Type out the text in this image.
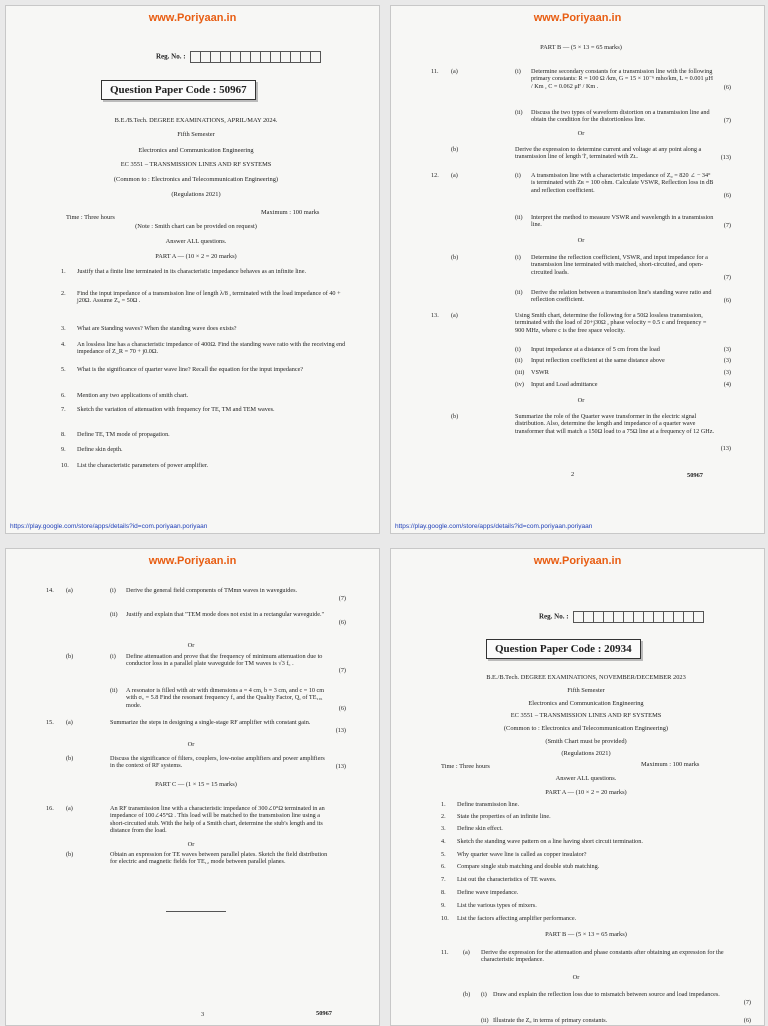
www.Poriyaan.in
Reg. No. :
Question Paper Code : 50967
B.E./B.Tech. DEGREE EXAMINATIONS, APRIL/MAY 2024.
Fifth Semester
Electronics and Communication Engineering
EC 3551 – TRANSMISSION LINES AND RF SYSTEMS
(Common to : Electronics and Telecommunication Engineering)
(Regulations 2021)
Time : Three hours
Maximum : 100 marks
(Note : Smith chart can be provided on request)
Answer ALL questions.
PART A — (10 × 2 = 20 marks)
1. Justify that a finite line terminated in its characteristic impedance behaves as an infinite line.
2. Find the input impedance of a transmission line of length λ/8 , terminated with the load impedance of 40 + j20Ω. Assume Z₀ = 50Ω .
3. What are Standing waves? When the standing wave does exists?
4. An lossless line has a characteristic impedance of 400Ω. Find the standing wave ratio with the receiving end impedance of Z_R = 70 + j0.0Ω.
5. What is the significance of quarter wave line? Recall the equation for the input impedance?
6. Mention any two applications of smith chart.
7. Sketch the variation of attenuation with frequency for TE, TM and TEM waves.
8. Define TE, TM mode of propagation.
9. Define skin depth.
10. List the characteristic parameters of power amplifier.
https://play.google.com/store/apps/details?id=com.poriyaan.poriyaan
www.Poriyaan.in
PART B — (5 × 13 = 65 marks)
11. (a)	(i) Determine secondary constants for a transmission line with the following primary constants: R = 100 Ω /km, G = 15 × 10⁻⁶ mho/km, L = 0.001 μH / Km , C = 0.062 μF / Km .	(6)
(ii) Discuss the two types of waveform distortion on a transmission line and obtain the condition for the distortionless line.	(7)
(b)	Derive the expression to determine current and voltage at any point along a transmission line of length 'l', terminated with Zʟ.	(13)
12. (a)	(i) A transmission line with a characteristic impedance of Z₀ = 820 ∠ − 34° is terminated with Zʀ = 100 ohm. Calculate VSWR, Reflection loss in dB and reflection coefficient.
(6)
(ii) Interpret the method to measure VSWR and wavelength in a transmission line.	(7)
(b)	(i) Determine the reflection coefficient, VSWR, and input impedance for a transmission line terminated with matched, short-circuited, and open- circuited loads.
(7)
(ii) Derive the relation between a transmission line's standing wave ratio and reflection coefficient.	(6)
13. (a)	Using Smith chart, determine the following for a 50Ω lossless transmission, terminated with the load of 20+j30Ω , phase velocity = 0.5 c and frequency = 900 MHz, where c is the free space velocity.
(i) Input impedance at a distance of 5 cm from the load	(3)
(ii) Input reflection coefficient at the same distance above	(3)
(iii) VSWR	(3)
(iv) Input and Load admittance	(4)
(b)	Summarize the role of the Quarter wave transformer in the electric signal distribution. Also, determine the length and impedance of a quarter wave transformer that will match a 150Ω load to a 75Ω line at a frequency of 12 GHz.
(13)
Or
Or
Or
2	50967
https://play.google.com/store/apps/details?id=com.poriyaan.poriyaan
www.Poriyaan.in
14. (a)	(i) Derive the general field components of TMmn waves in waveguides.
(7)
(ii) Justify and explain that "TEM mode does not exist in a rectangular waveguide."
(6)
(b)	(i) Define attenuation and prove that the frequency of minimum attenuation due to conductor loss in a parallel plate waveguide for TM waves is √3 f꜀ .
(7)
(ii) A resonator is filled with air with dimensions a = 4 cm, b = 3 cm, and c = 10 cm with σ꜀ = 5.8 Find the resonant frequency f꜀ and the Quality Factor, Q, of TE₁₀₁ mode.	(6)
15. (a)	Summarize the steps in designing a single-stage RF amplifier with constant gain.
(13)
(b)	Discuss the significance of filters, couplers, low-noise amplifiers and power amplifiers in the context of RF systems.	(13)
16. (a)	An RF transmission line with a characteristic impedance of 300∠0°Ω terminated in an impedance of 100∠45°Ω . This load will be matched to the transmission line using a short-circuited stub. With the help of a Smith chart, determine the stub's length and its distance from the load.
(b)	Obtain an expression for TE waves between parallel plates. Sketch the field distribution for electric and magnetic fields for TE₁₂ mode between parallel planes.
3	50967
Or
Or
Or
PART C — (1 × 15 = 15 marks)
www.Poriyaan.in
Reg. No. :
Question Paper Code : 20934
B.E./B.Tech. DEGREE EXAMINATIONS, NOVEMBER/DECEMBER 2023
Fifth Semester
Electronics and Communication Engineering
EC 3551 – TRANSMISSION LINES AND RF SYSTEMS
(Common to : Electronics and Telecommunication Engineering)
(Smith Chart must be provided)
(Regulations 2021)
Time : Three hours	Maximum : 100 marks
Answer ALL questions.
PART A — (10 × 2 = 20 marks)
1. Define transmission line.
2. State the properties of an infinite line.
3. Define skin effect.
4. Sketch the standing wave pattern on a line having short circuit termination.
5. Why quarter wave line is called as copper insulator?
6. Compare single stub matching and double stub matching.
7. List out the characteristics of TE waves.
8. Define wave impedance.
9. List the various types of mixers.
10. List the factors affecting amplifier performance.
PART B — (5 × 13 = 65 marks)
11. (a) Derive the expression for the attenuation and phase constants after obtaining an expression for the characteristic impedance.
Or
(b) (i) Draw and explain the reflection loss due to mismatch between source and load impedances.
(7)
(ii) Illustrate the Z₀ in terms of primary constants.	(6)
